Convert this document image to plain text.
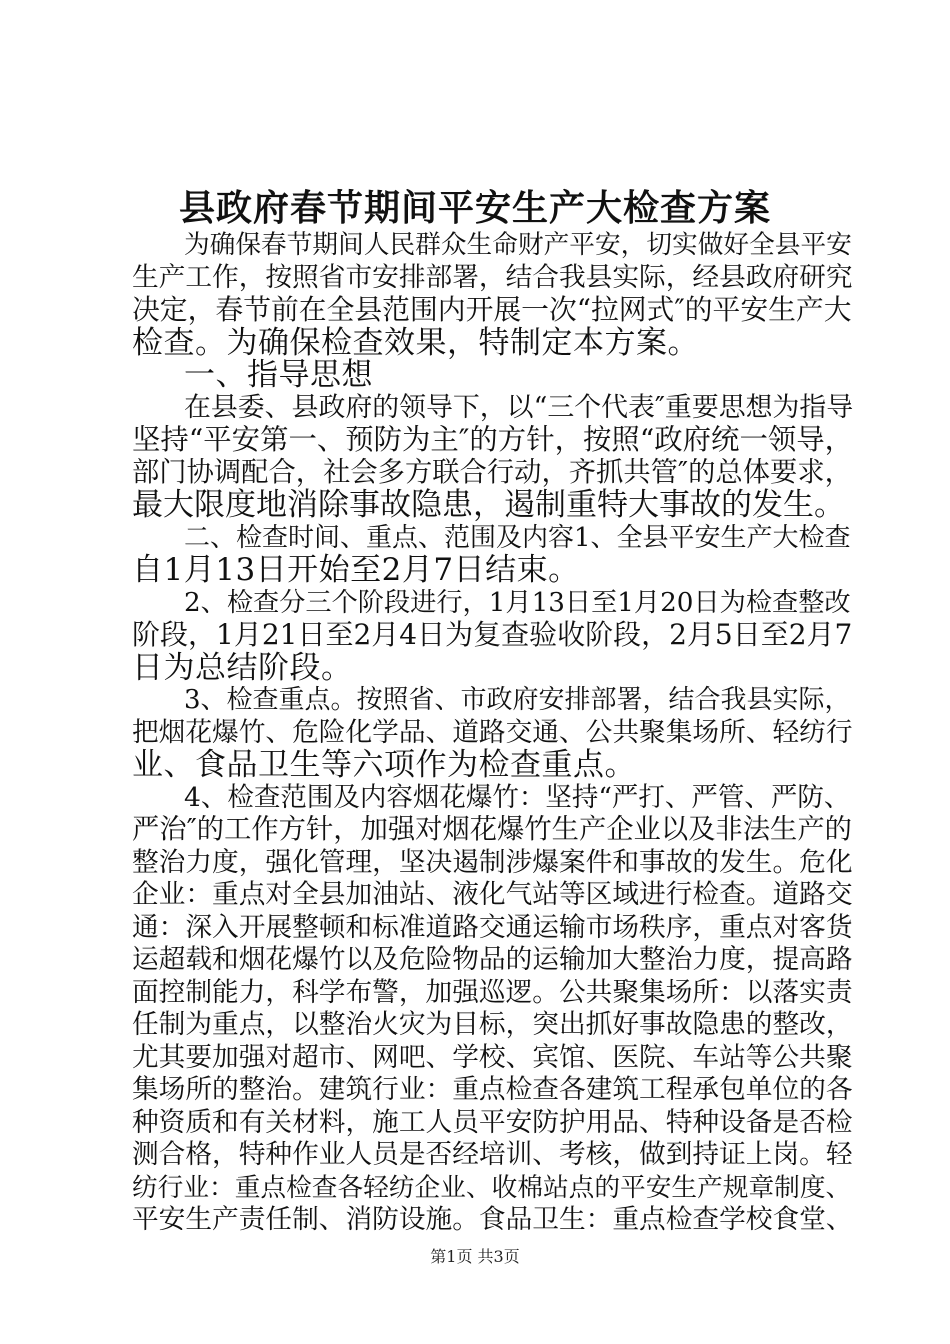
县政府春节期间平安生产大检查方案
为确保春节期间人民群众生命财产平安，切实做好全县平安
生产工作，按照省市安排部署，结合我县实际，经县政府研究
决定，春节前在全县范围内开展一次“拉网式″的平安生产大
检查。为确保检查效果，特制定本方案。
一、指导思想
在县委、县政府的领导下，以“三个代表″重要思想为指导
坚持“平安第一、预防为主″的方针，按照“政府统一领导，
部门协调配合，社会多方联合行动，齐抓共管″的总体要求，
最大限度地消除事故隐患，遏制重特大事故的发生。
二、检查时间、重点、范围及内容1、全县平安生产大检查
自1月13日开始至2月7日结束。
2、检查分三个阶段进行，1月13日至1月20日为检查整改
阶段，1月21日至2月4日为复查验收阶段，2月5日至2月7
日为总结阶段。
3、检查重点。按照省、市政府安排部署，结合我县实际，
把烟花爆竹、危险化学品、道路交通、公共聚集场所、轻纺行
业、食品卫生等六项作为检查重点。
4、检查范围及内容烟花爆竹：坚持“严打、严管、严防、
严治″的工作方针，加强对烟花爆竹生产企业以及非法生产的
整治力度，强化管理，坚决遏制涉爆案件和事故的发生。危化
企业：重点对全县加油站、液化气站等区域进行检查。道路交
通：深入开展整顿和标准道路交通运输市场秩序，重点对客货
运超载和烟花爆竹以及危险物品的运输加大整治力度，提高路
面控制能力，科学布警，加强巡逻。公共聚集场所：以落实责
任制为重点，以整治火灾为目标，突出抓好事故隐患的整改，
尤其要加强对超市、网吧、学校、宾馆、医院、车站等公共聚
集场所的整治。建筑行业：重点检查各建筑工程承包单位的各
种资质和有关材料，施工人员平安防护用品、特种设备是否检
测合格，特种作业人员是否经培训、考核，做到持证上岗。轻
纺行业：重点检查各轻纺企业、收棉站点的平安生产规章制度、
平安生产责任制、消防设施。食品卫生：重点检查学校食堂、
第1页 共3页
